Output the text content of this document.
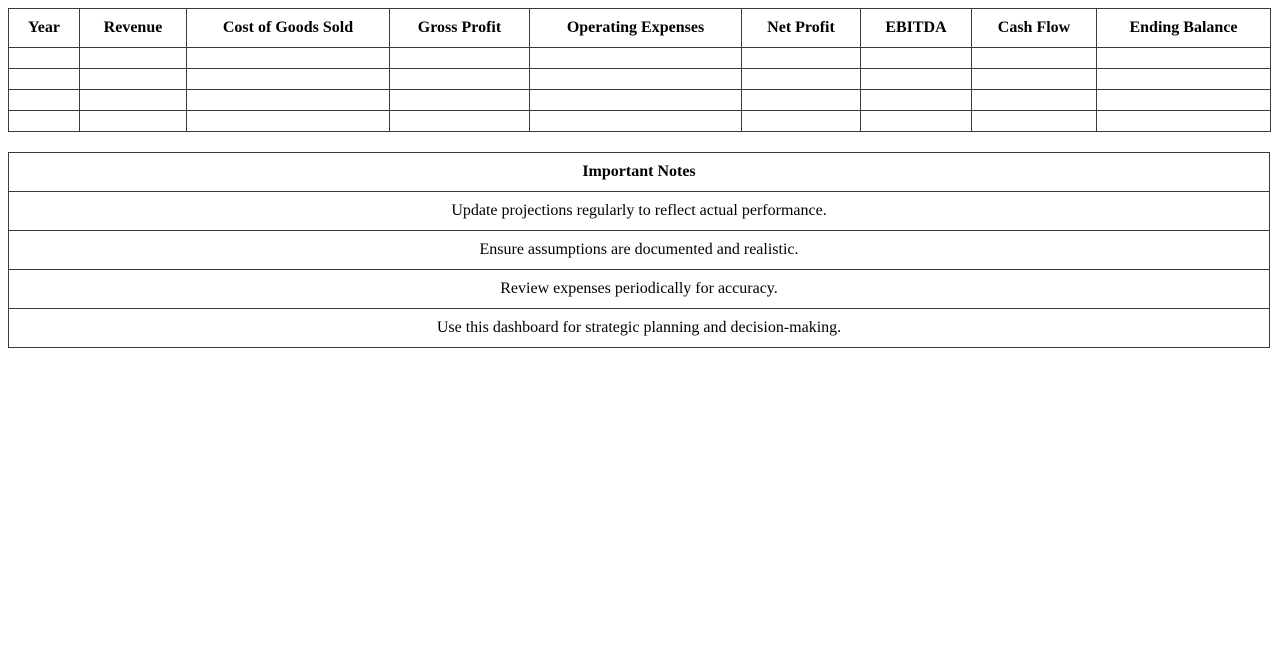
Year	Revenue	Cost of Goods Sold	Gross Profit	Operating Expenses	Net Profit	EBITDA	Cash Flow	Ending Balance

Important Notes
Update projections regularly to reflect actual performance.
Ensure assumptions are documented and realistic.
Review expenses periodically for accuracy.
Use this dashboard for strategic planning and decision-making.
